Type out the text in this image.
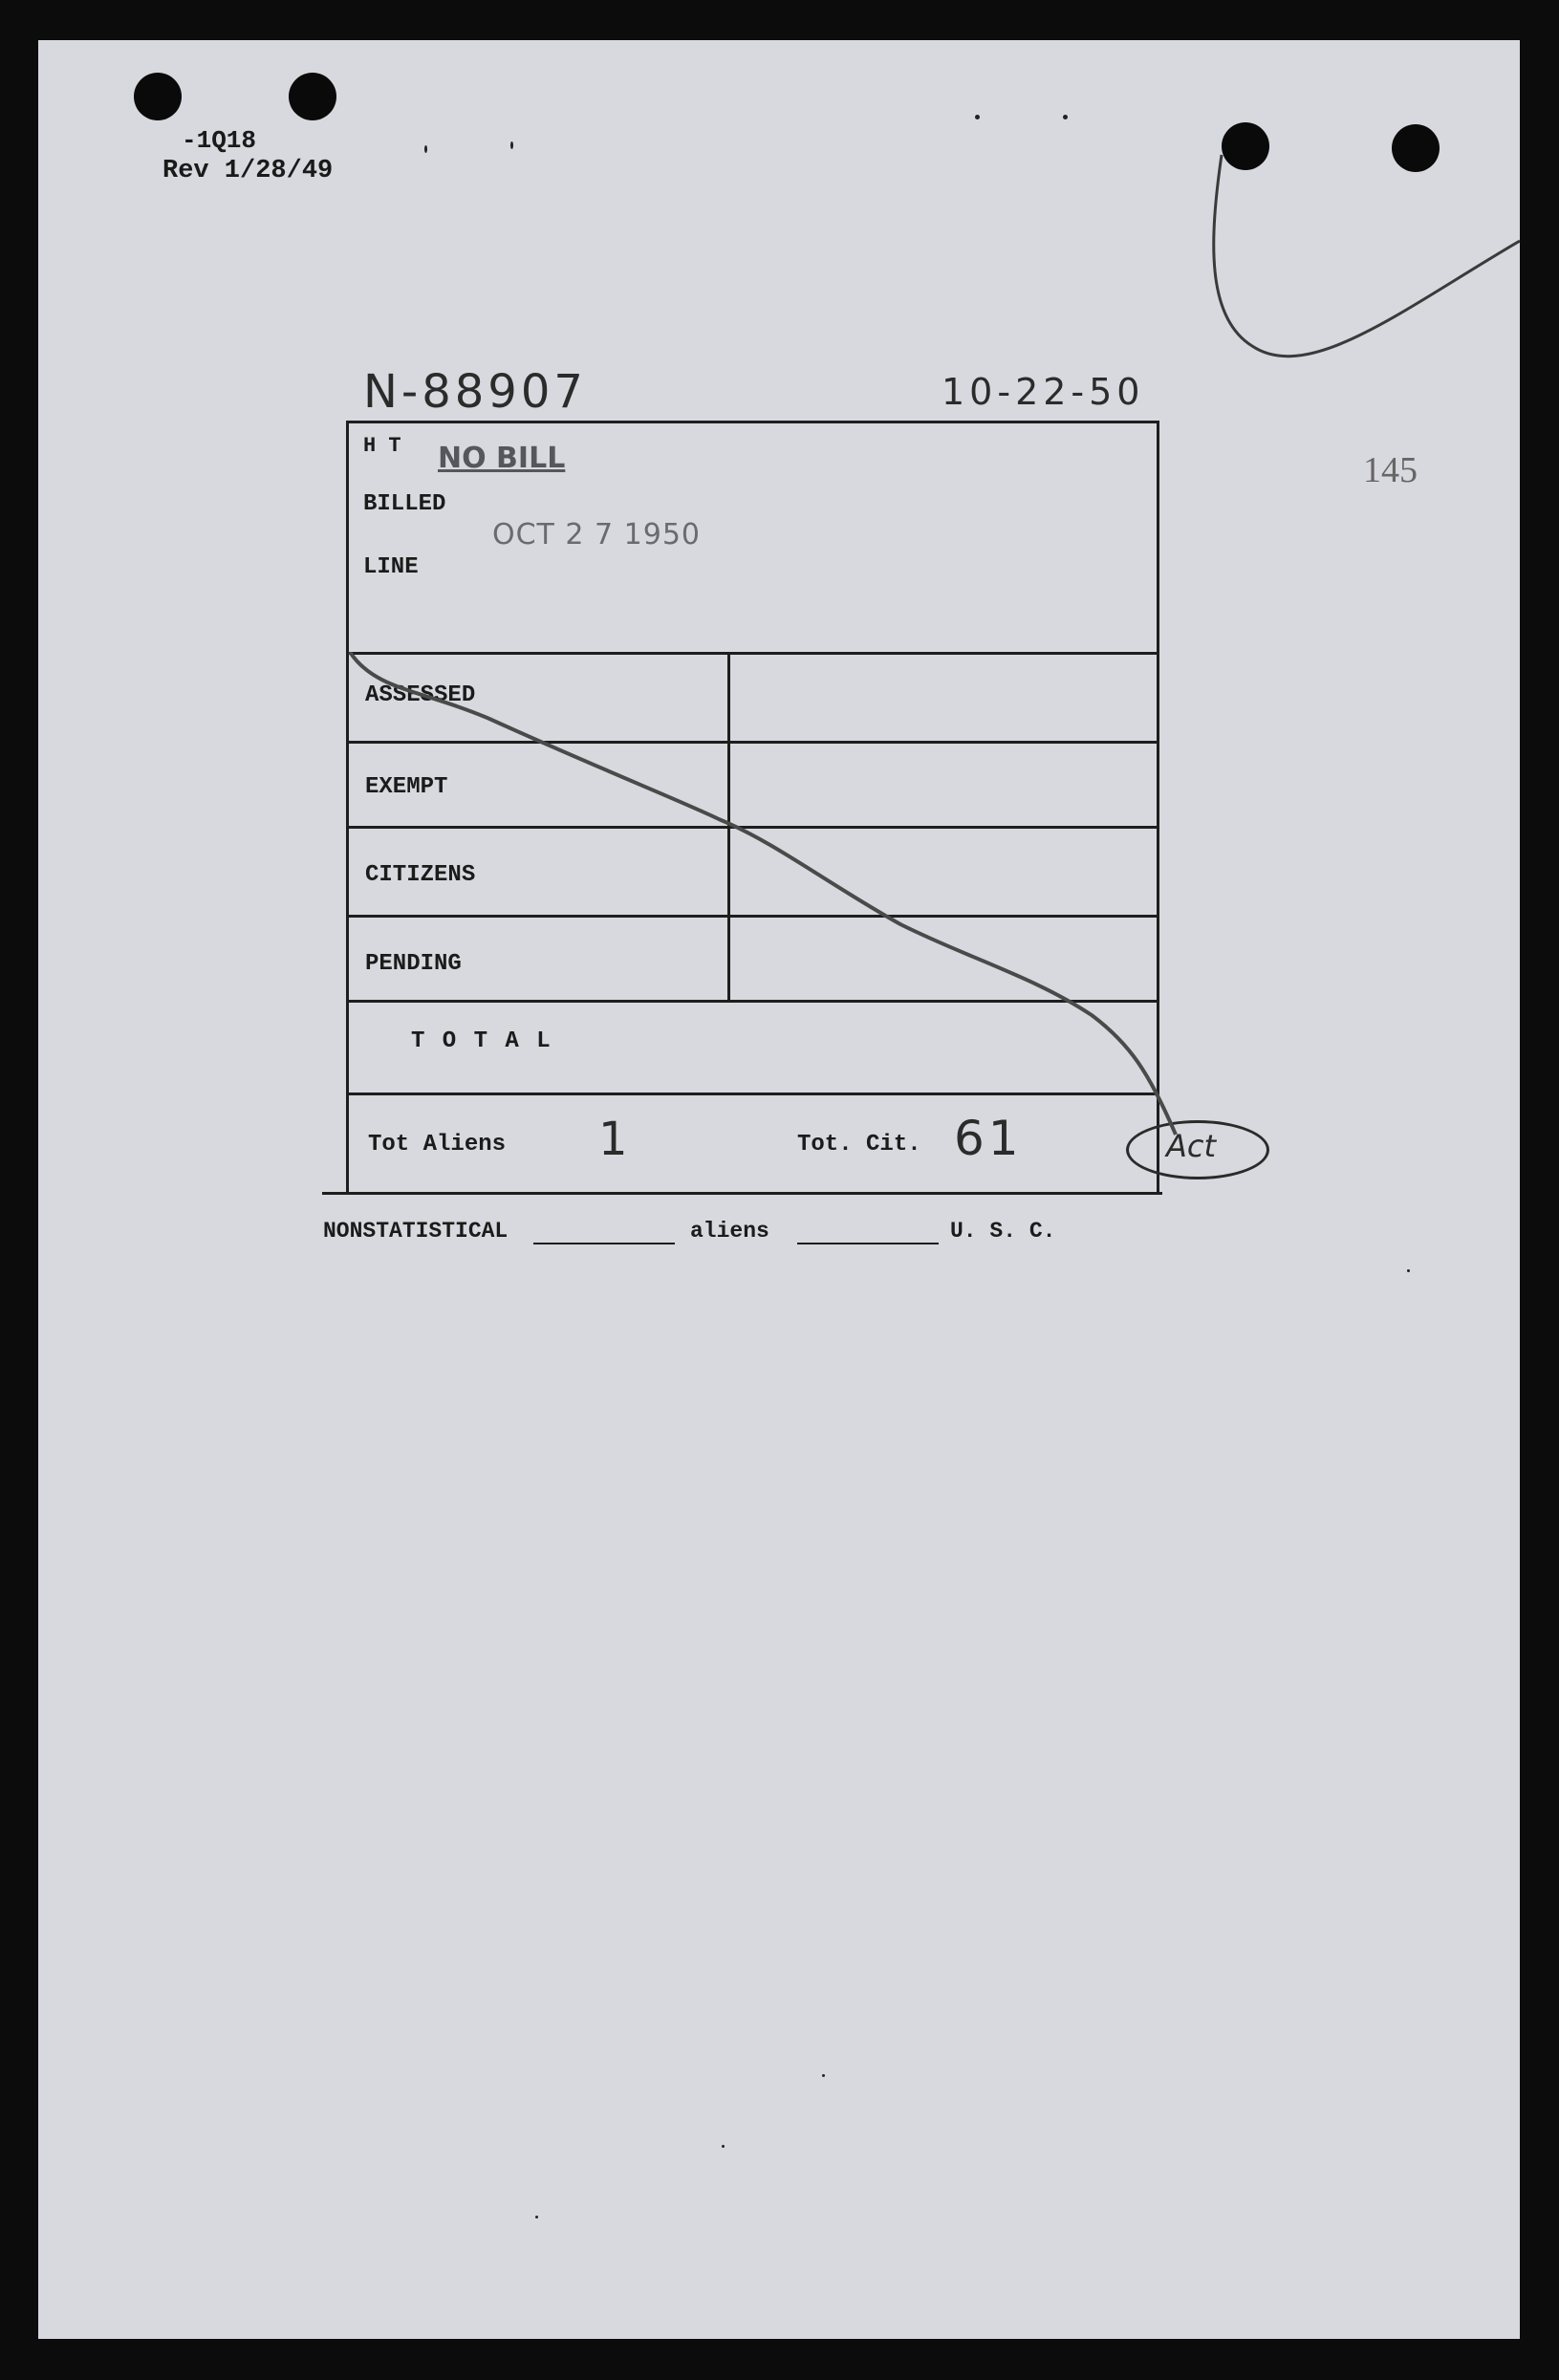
-1Q18
Rev 1/28/49
N-88907	10-22-50
145
H T NO BILL
BILLED
OCT 2 7 1950
LINE
ASSESSED
EXEMPT
CITIZENS
PENDING
T O T A L
Tot Aliens 1	Tot. Cit. 61	Act
NONSTATISTICAL	aliens	U. S. C.
